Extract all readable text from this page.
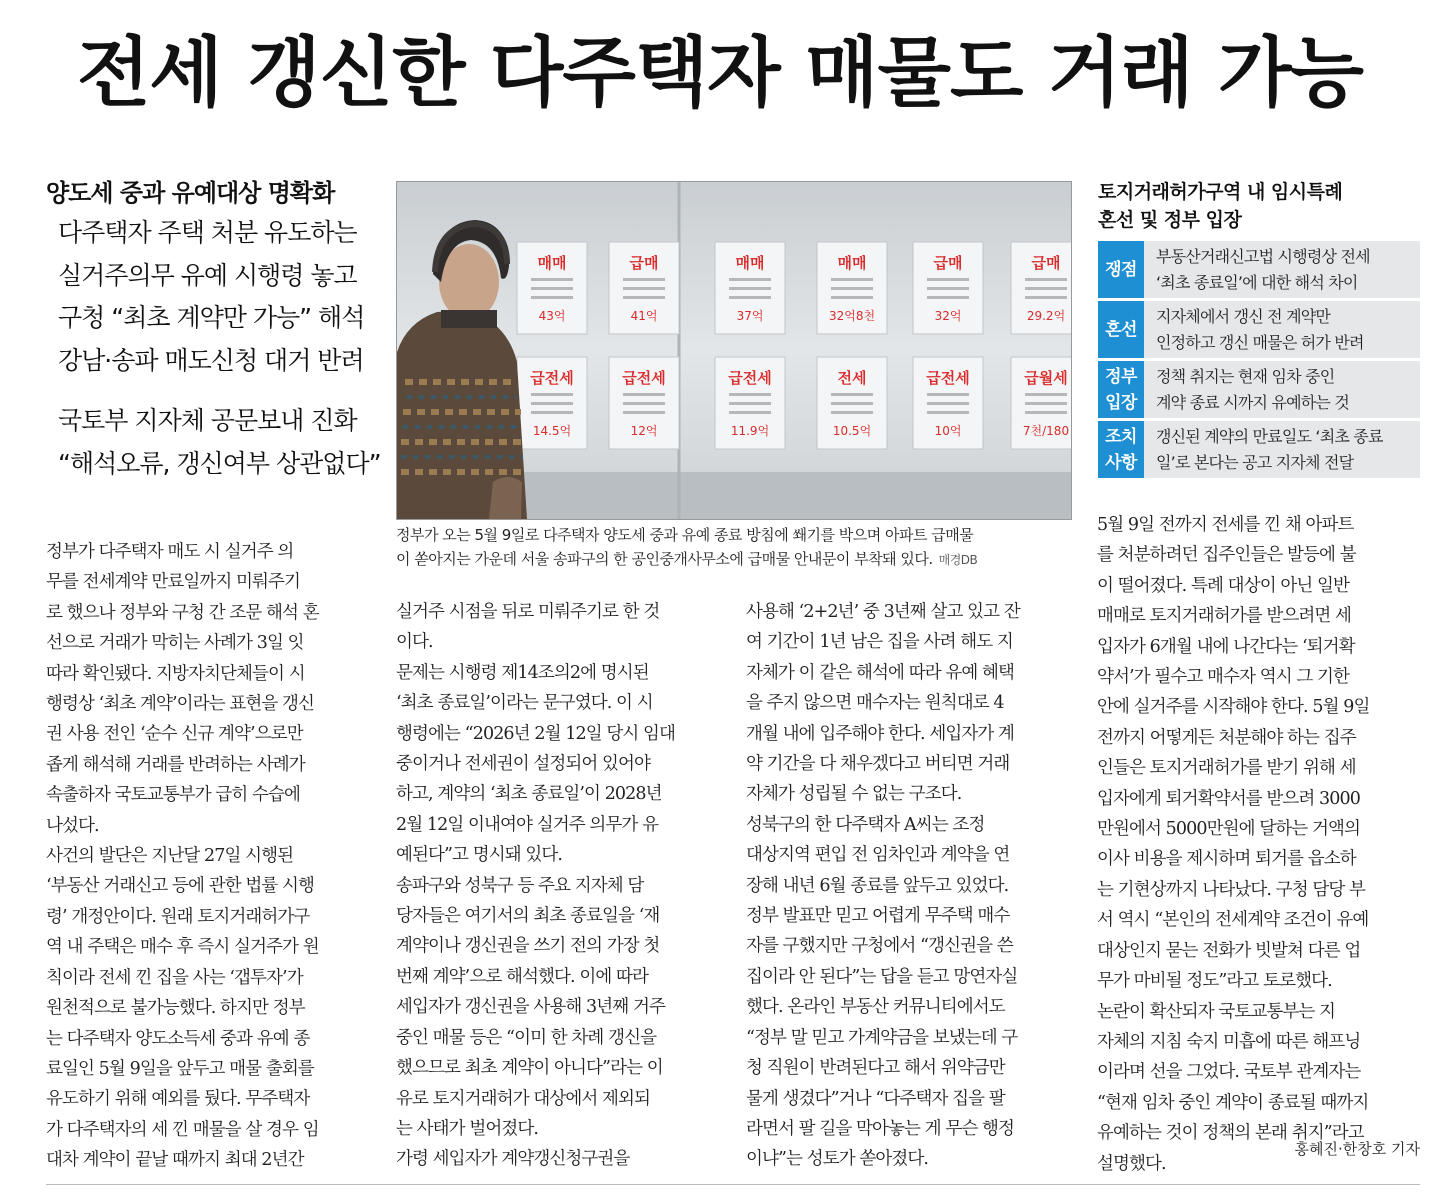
전세 갱신한 다주택자 매물도 거래 가능
양도세 중과 유예대상 명확화
다주택자 주택 처분 유도하는
실거주의무 유예 시행령 놓고
구청 “최초 계약만 가능” 해석
강남·송파 매도신청 대거 반려
국토부 지자체 공문보내 진화
“해석오류, 갱신여부 상관없다”
매매
43억
급매
41억
매매
37억
매매
32억8천
급매
32억
급매
29.2억
급전세
14.5억
급전세
12억
급전세
11.9억
전세
10.5억
급전세
10억
급월세
7천/180
정부가 오는 5월 9일로 다주택자 양도세 중과 유예 종료 방침에 쐐기를 박으며 아파트 급매물
이 쏟아지는 가운데 서울 송파구의 한 공인중개사무소에 급매물 안내문이 부착돼 있다. 매경DB
토지거래허가구역 내 임시특례
혼선 및 정부 입장
쟁점
부동산거래신고법 시행령상 전세
‘최초 종료일’에 대한 해석 차이
혼선
지자체에서 갱신 전 계약만
인정하고 갱신 매물은 허가 반려
정부
입장
정책 취지는 현재 임차 중인
계약 종료 시까지 유예하는 것
조치
사항
갱신된 계약의 만료일도 ‘최초 종료
일’로 본다는 공고 지자체 전달
정부가 다주택자 매도 시 실거주 의
무를 전세계약 만료일까지 미뤄주기
로 했으나 정부와 구청 간 조문 해석 혼
선으로 거래가 막히는 사례가 3일 잇
따라 확인됐다. 지방자치단체들이 시
행령상 ‘최초 계약’이라는 표현을 갱신
권 사용 전인 ‘순수 신규 계약’으로만
좁게 해석해 거래를 반려하는 사례가
속출하자 국토교통부가 급히 수습에
나섰다.
사건의 발단은 지난달 27일 시행된
‘부동산 거래신고 등에 관한 법률 시행
령’ 개정안이다. 원래 토지거래허가구
역 내 주택은 매수 후 즉시 실거주가 원
칙이라 전세 낀 집을 사는 ‘갭투자’가
원천적으로 불가능했다. 하지만 정부
는 다주택자 양도소득세 중과 유예 종
료일인 5월 9일을 앞두고 매물 출회를
유도하기 위해 예외를 뒀다. 무주택자
가 다주택자의 세 낀 매물을 살 경우 임
대차 계약이 끝날 때까지 최대 2년간
실거주 시점을 뒤로 미뤄주기로 한 것
이다.
문제는 시행령 제14조의2에 명시된
‘최초 종료일’이라는 문구였다. 이 시
행령에는 “2026년 2월 12일 당시 임대
중이거나 전세권이 설정되어 있어야
하고, 계약의 ‘최초 종료일’이 2028년
2월 12일 이내여야 실거주 의무가 유
예된다”고 명시돼 있다.
송파구와 성북구 등 주요 지자체 담
당자들은 여기서의 최초 종료일을 ‘재
계약이나 갱신권을 쓰기 전의 가장 첫
번째 계약’으로 해석했다. 이에 따라
세입자가 갱신권을 사용해 3년째 거주
중인 매물 등은 “이미 한 차례 갱신을
했으므로 최초 계약이 아니다”라는 이
유로 토지거래허가 대상에서 제외되
는 사태가 벌어졌다.
가령 세입자가 계약갱신청구권을
사용해 ‘2+2년’ 중 3년째 살고 있고 잔
여 기간이 1년 남은 집을 사려 해도 지
자체가 이 같은 해석에 따라 유예 혜택
을 주지 않으면 매수자는 원칙대로 4
개월 내에 입주해야 한다. 세입자가 계
약 기간을 다 채우겠다고 버티면 거래
자체가 성립될 수 없는 구조다.
성북구의 한 다주택자 A씨는 조정
대상지역 편입 전 임차인과 계약을 연
장해 내년 6월 종료를 앞두고 있었다.
정부 발표만 믿고 어렵게 무주택 매수
자를 구했지만 구청에서 “갱신권을 쓴
집이라 안 된다”는 답을 듣고 망연자실
했다. 온라인 부동산 커뮤니티에서도
“정부 말 믿고 가계약금을 보냈는데 구
청 직원이 반려된다고 해서 위약금만
물게 생겼다”거나 “다주택자 집을 팔
라면서 팔 길을 막아놓는 게 무슨 행정
이냐”는 성토가 쏟아졌다.
5월 9일 전까지 전세를 낀 채 아파트
를 처분하려던 집주인들은 발등에 불
이 떨어졌다. 특례 대상이 아닌 일반
매매로 토지거래허가를 받으려면 세
입자가 6개월 내에 나간다는 ‘퇴거확
약서’가 필수고 매수자 역시 그 기한
안에 실거주를 시작해야 한다. 5월 9일
전까지 어떻게든 처분해야 하는 집주
인들은 토지거래허가를 받기 위해 세
입자에게 퇴거확약서를 받으려 3000
만원에서 5000만원에 달하는 거액의
이사 비용을 제시하며 퇴거를 읍소하
는 기현상까지 나타났다. 구청 담당 부
서 역시 “본인의 전세계약 조건이 유예
대상인지 묻는 전화가 빗발쳐 다른 업
무가 마비될 정도”라고 토로했다.
논란이 확산되자 국토교통부는 지
자체의 지침 숙지 미흡에 따른 해프닝
이라며 선을 그었다. 국토부 관계자는
“현재 임차 중인 계약이 종료될 때까지
유예하는 것이 정책의 본래 취지”라고
설명했다.
홍혜진·한창호 기자
